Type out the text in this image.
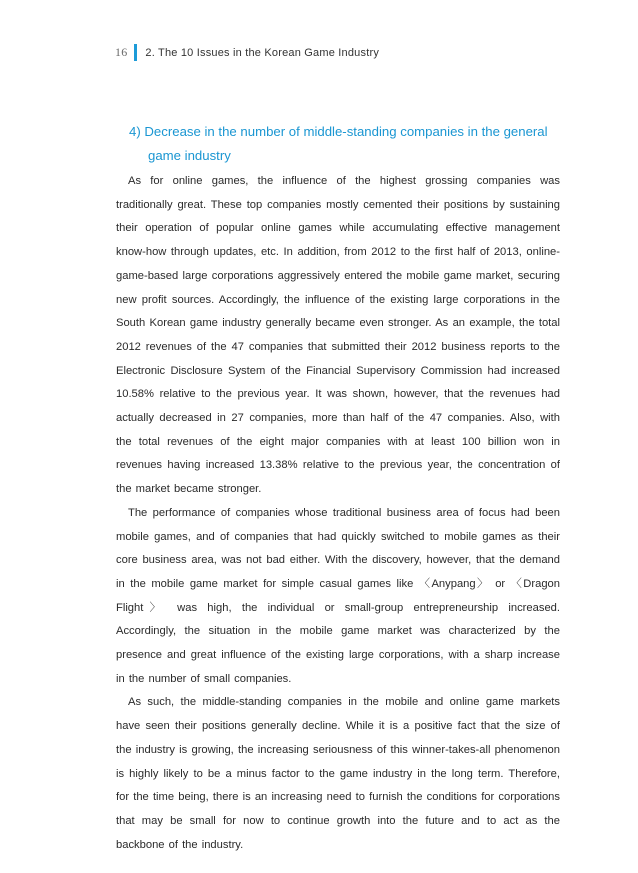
16 2. The 10 Issues in the Korean Game Industry
4) Decrease in the number of middle-standing companies in the general game industry

As for online games, the influence of the highest grossing companies was traditionally great. These top companies mostly cemented their positions by sustaining their operation of popular online games while accumulating effective management know-how through updates, etc. In addition, from 2012 to the first half of 2013, online-game-based large corporations aggressively entered the mobile game market, securing new profit sources. Accordingly, the influence of the existing large corporations in the South Korean game industry generally became even stronger. As an example, the total 2012 revenues of the 47 companies that submitted their 2012 business reports to the Electronic Disclosure System of the Financial Supervisory Commission had increased 10.58% relative to the previous year. It was shown, however, that the revenues had actually decreased in 27 companies, more than half of the 47 companies. Also, with the total revenues of the eight major companies with at least 100 billion won in revenues having increased 13.38% relative to the previous year, the concentration of the market became stronger.

The performance of companies whose traditional business area of focus had been mobile games, and of companies that had quickly switched to mobile games as their core business area, was not bad either. With the discovery, however, that the demand in the mobile game market for simple casual games like 〈Anypang〉 or 〈Dragon Flight〉 was high, the individual or small-group entrepreneurship increased. Accordingly, the situation in the mobile game market was characterized by the presence and great influence of the existing large corporations, with a sharp increase in the number of small companies.

As such, the middle-standing companies in the mobile and online game markets have seen their positions generally decline. While it is a positive fact that the size of the industry is growing, the increasing seriousness of this winner-takes-all phenomenon is highly likely to be a minus factor to the game industry in the long term. Therefore, for the time being, there is an increasing need to furnish the conditions for corporations that may be small for now to continue growth into the future and to act as the backbone of the industry.
